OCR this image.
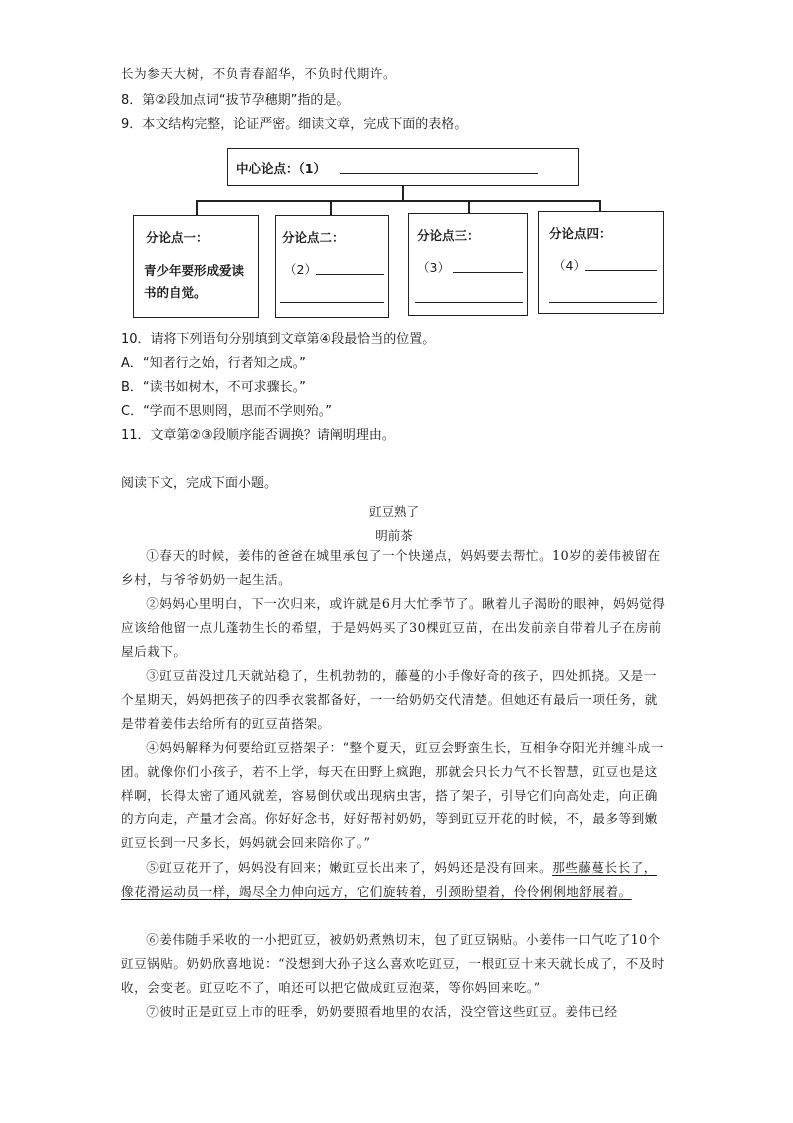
长为参天大树，不负青春韶华，不负时代期许。
8．第②段加点词“拔节孕穗期”指的是。
9．本文结构完整，论证严密。细读文章，完成下面的表格。
中心论点：（1）
分论点一：
青少年要形成爱读书的自觉。
分论点二：
（2）
分论点三：
（3）
分论点四：
（4）
10．请将下列语句分别填到文章第④段最恰当的位置。
A．“知者行之始，行者知之成。”
B．“读书如树木，不可求骤长。”
C．“学而不思则罔，思而不学则殆。”
11．文章第②③段顺序能否调换？请阐明理由。
阅读下文，完成下面小题。
豇豆熟了
明前茶
①春天的时候，姜伟的爸爸在城里承包了一个快递点，妈妈要去帮忙。10岁的姜伟被留在乡村，与爷爷奶奶一起生活。
②妈妈心里明白，下一次归来，或许就是6月大忙季节了。瞅着儿子渴盼的眼神，妈妈觉得应该给他留一点儿蓬勃生长的希望，于是妈妈买了30棵豇豆苗，在出发前亲自带着儿子在房前屋后栽下。
③豇豆苗没过几天就站稳了，生机勃勃的，藤蔓的小手像好奇的孩子，四处抓挠。又是一个星期天，妈妈把孩子的四季衣裳都备好，一一给奶奶交代清楚。但她还有最后一项任务，就是带着姜伟去给所有的豇豆苗搭架。
④妈妈解释为何要给豇豆搭架子：“整个夏天，豇豆会野蛮生长，互相争夺阳光并缠斗成一团。就像你们小孩子，若不上学，每天在田野上疯跑，那就会只长力气不长智慧，豇豆也是这样啊，长得太密了通风就差，容易倒伏或出现病虫害，搭了架子，引导它们向高处走，向正确的方向走，产量才会高。你好好念书，好好帮衬奶奶，等到豇豆开花的时候，不，最多等到嫩豇豆长到一尺多长，妈妈就会回来陪你了。”
⑤豇豆花开了，妈妈没有回来；嫩豇豆长出来了，妈妈还是没有回来。那些藤蔓长长了，像花滑运动员一样，竭尽全力伸向远方，它们旋转着，引颈盼望着，伶伶俐俐地舒展着。
⑥姜伟随手采收的一小把豇豆，被奶奶煮熟切末，包了豇豆锅贴。小姜伟一口气吃了10个豇豆锅贴。奶奶欣喜地说：“没想到大孙子这么喜欢吃豇豆，一根豇豆十来天就长成了，不及时收，会变老。豇豆吃不了，咱还可以把它做成豇豆泡菜，等你妈回来吃。”
⑦彼时正是豇豆上市的旺季，奶奶要照看地里的农活，没空管这些豇豆。姜伟已经
